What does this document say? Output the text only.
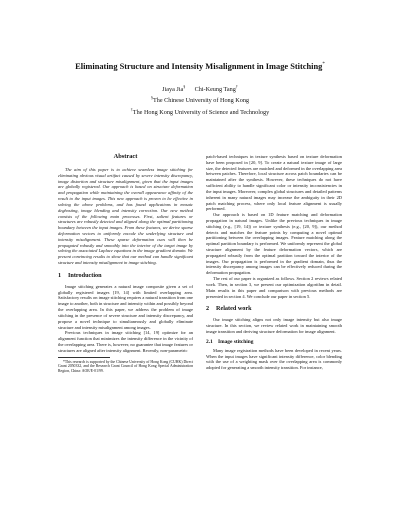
Eliminating Structure and Intensity Misalignment in Image Stitching*
Jiaya Jia§ Chi-Keung Tang†
§The Chinese University of Hong Kong
†The Hong Kong University of Science and Technology
Abstract

The aim of this paper is to achieve seamless image stitching for eliminating obvious visual artifact caused by severe intensity discrepancy, image distortion and structure misalignment, given that the input images are globally registered. Our approach is based on structure deformation and propagation while maintaining the overall appearance affinity of the result to the input images. This new approach is proven to be effective in solving the above problems, and has found applications in mosaic deghosting, image blending and intensity correction. Our new method consists of the following main processes. First, salient features or structures are robustly detected and aligned along the optimal partitioning boundary between the input images. From these features, we derive sparse deformation vectors to uniformly encode the underlying structure and intensity misalignment. These sparse deformation cues will then be propagated robustly and smoothly into the interior of the target image by solving the associated Laplace equations in the image gradient domain. We present convincing results to show that our method can handle significant structure and intensity misalignment in image stitching.

1 Introduction

Image stitching generates a natural image composite given a set of globally registered images [19, 14] with limited overlapping area. Satisfactory results on image stitching requires a natural transition from one image to another, both in structure and intensity within and possibly beyond the overlapping area. In this paper, we address the problem of image stitching in the presence of severe structure and intensity discrepancy, and propose a novel technique to simultaneously and globally eliminate structure and intensity misalignment among images.

Previous techniques in image stitching [14, 19] optimize for an alignment function that minimizes the intensity difference in the vicinity of the overlapping area. There is, however, no guarantee that image features or structures are aligned after intensity alignment. Recently, non-parametric

*This research is supported by the Chinese University of Hong Kong (CUHK) Direct Grant 2050332, and the Research Grant Council of Hong Kong Special Administration Region, China: AOE/E-01/99.

patch-based techniques in texture synthesis based on texture deformation have been proposed in [20, 9]. To create a natural texture image of large size, the detected features are matched and deformed in the overlapping area between patches. Therefore, local structure across patch boundaries can be maintained after the synthesis. However, these techniques do not have sufficient ability to handle significant color or intensity inconsistencies in the input images. Moreover, complex global structures and detailed patterns inherent in many natural images may increase the ambiguity in their 2D patch matching process, where only local feature alignment is usually performed.

Our approach is based on 1D feature matching and deformation propagation in natural images. Unlike the previous techniques in image stitching (e.g., [19, 14]) or texture synthesis (e.g., [20, 9]), our method detects and matches the feature points by computing a novel optimal partitioning between the overlapping images. Feature matching along the optimal partition boundary is performed. We uniformly represent the global structure alignment by the feature deformation vectors, which are propagated robustly from the optimal partition toward the interior of the images. Our propagation is performed in the gradient domain, thus the intensity discrepancy among images can be effectively reduced during the deformation propagation.

The rest of our paper is organized as follows. Section 2 reviews related work. Then, in section 3, we present our optimization algorithm in detail. Main results in this paper and comparison with previous methods are presented in section 4. We conclude our paper in section 5.

2 Related work

Our image stitching aligns not only image intensity but also image structure. In this section, we review related work in maintaining smooth image transition and deriving structure deformation for image alignment.

2.1 Image stitching

Many image registration methods have been developed in recent years. When the input images have significant intensity difference, color blending with the use of a weighting mask over the overlapping area is commonly adopted for generating a smooth intensity transition. For instance,
